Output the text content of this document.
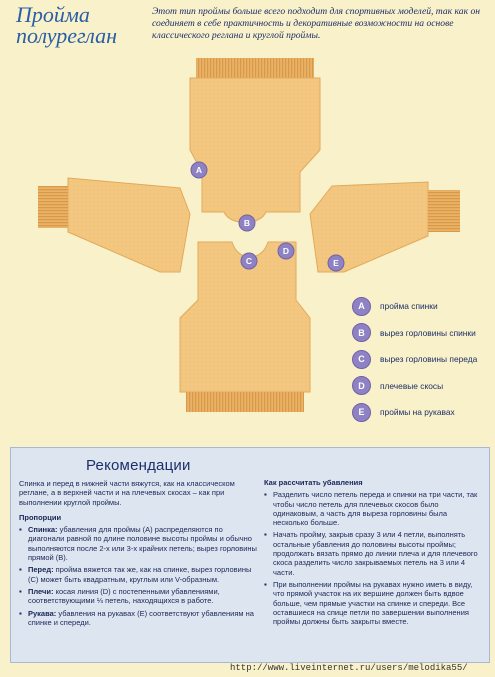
Пройма
полуреглан
Этот тип проймы больше всего подходит для спортивных моделей, так как он соединяет в себе практичность и декоративные возможности на основе классического реглана и круглой проймы.
A
B
C
D
E
A	пройма спинки
B	вырез горловины спинки
C	вырез горловины переда
D	плечевые скосы
E	проймы на рукавах
Рекомендации

Спинка и перед в нижней части вяжутся, как на классическом реглане, а в верхней части и на плечевых скосах – как при выполнении круглой проймы.

Пропорции
▪ Спинка: убавления для проймы (A) распределяются по диагонали равной по длине половине высоты проймы и обычно выполняются после 2-х или 3-х крайних петель; вырез горловины прямой (B).
▪ Перед: пройма вяжется так же, как на спинке, вырез горловины (C) может быть квадратным, круглым или V-образным.
▪ Плечи: косая линия (D) с постепенными убавлениями, соответствующими ⅓ петель, находящихся в работе.
▪ Рукава: убавления на рукавах (E) соответствуют убавлениям на спинке и спереди.
Как рассчитать убавления
▪ Разделить число петель переда и спинки на три части, так чтобы число петель для плечевых скосов было одинаковым, а часть для выреза горловины была несколько больше.
▪ Начать пройму, закрыв сразу 3 или 4 петли, выполнять остальные убавления до половины высоты проймы; продолжать вязать прямо до линии плеча и для плечевого скоса разделить число закрываемых петель на 3 или 4 части.
▪ При выполнении проймы на рукавах нужно иметь в виду, что прямой участок на их вершине должен быть вдвое больше, чем прямые участки на спинке и спереди. Все оставшиеся на спице петли по завершении выполнения проймы должны быть закрыты вместе.
http://www.liveinternet.ru/users/melodika55/
